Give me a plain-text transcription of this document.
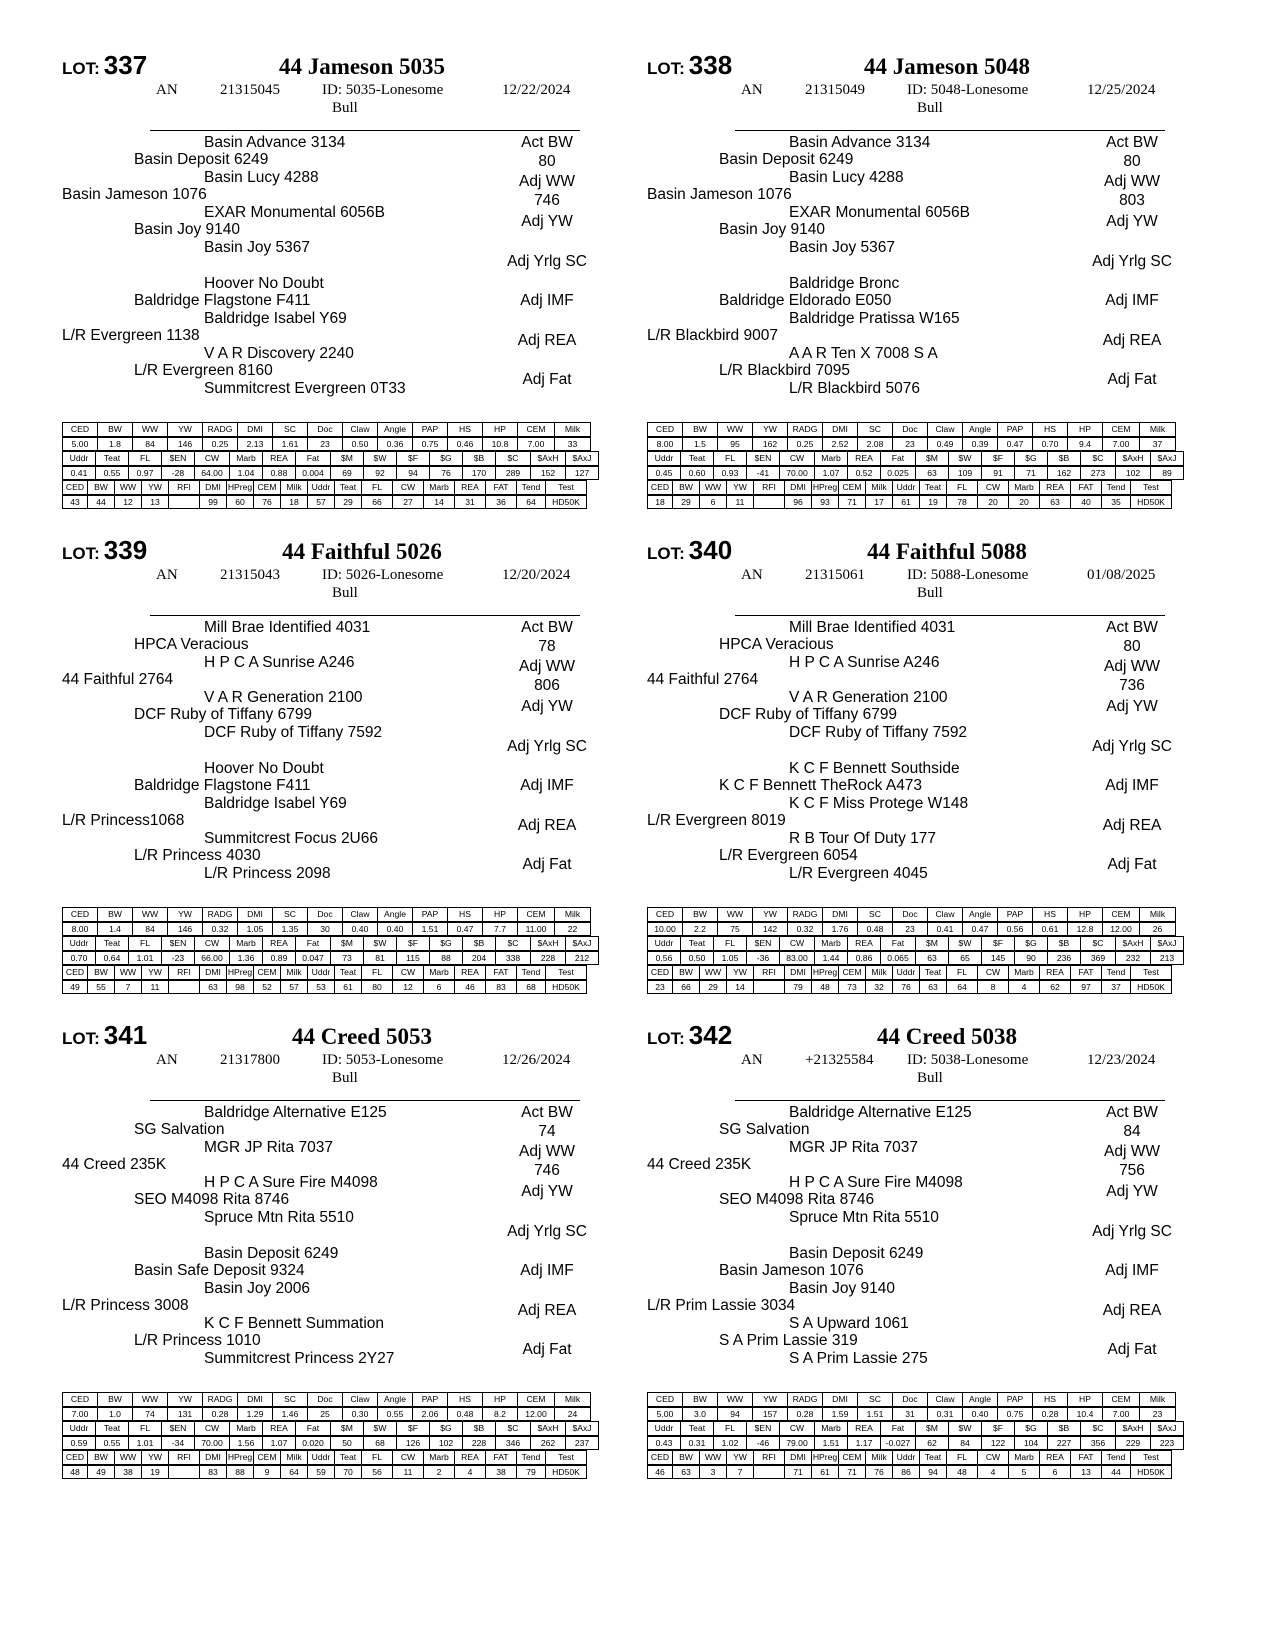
LOT: 337	44 Jameson 5035
AN	21315045	ID: 5035-Lonesome	12/22/2024
Bull
Basin Advance 3134
Basin Deposit 6249
Basin Lucy 4288
Basin Jameson 1076
EXAR Monumental 6056B
Basin Joy 9140
Basin Joy 5367
Hoover No Doubt
Baldridge Flagstone F411
Baldridge Isabel Y69
L/R Evergreen 1138
V A R Discovery 2240
L/R Evergreen 8160
Summitcrest Evergreen 0T33
Act BW
80
Adj WW
746
Adj YW
Adj Yrlg SC
Adj IMF
Adj REA
Adj Fat
CED	BW	WW	YW	RADG	DMI	SC	Doc	Claw	Angle	PAP	HS	HP	CEM	Milk

5.00	1.8	84	146	0.25	2.13	1.61	23	0.50	0.36	0.75	0.46	10.8	7.00	33

Uddr	Teat	FL	$EN	CW	Marb	REA	Fat	$M	$W	$F	$G	$B	$C	$AxH	$AxJ

0.41	0.55	0.97	-28	64.00	1.04	0.88	0.004	69	92	94	76	170	289	152	127

CED	BW	WW	YW	RFI	DMI	HPreg	CEM	Milk	Uddr	Teat	FL	CW	Marb	REA	FAT	Tend	Test

43	44	12	13		99	60	76	18	57	29	66	27	14	31	36	64	HD50K
LOT: 338	44 Jameson 5048
AN	21315049	ID: 5048-Lonesome	12/25/2024
Bull
Basin Advance 3134
Basin Deposit 6249
Basin Lucy 4288
Basin Jameson 1076
EXAR Monumental 6056B
Basin Joy 9140
Basin Joy 5367
Baldridge Bronc
Baldridge Eldorado E050
Baldridge Pratissa W165
L/R Blackbird 9007
A A R Ten X 7008 S A
L/R Blackbird 7095
L/R Blackbird 5076
Act BW
80
Adj WW
803
Adj YW
Adj Yrlg SC
Adj IMF
Adj REA
Adj Fat
CED	BW	WW	YW	RADG	DMI	SC	Doc	Claw	Angle	PAP	HS	HP	CEM	Milk

8.00	1.5	95	162	0.25	2.52	2.08	23	0.49	0.39	0.47	0.70	9.4	7.00	37

Uddr	Teat	FL	$EN	CW	Marb	REA	Fat	$M	$W	$F	$G	$B	$C	$AxH	$AxJ

0.45	0.60	0.93	-41	70.00	1.07	0.52	0.025	63	109	91	71	162	273	102	89

CED	BW	WW	YW	RFI	DMI	HPreg	CEM	Milk	Uddr	Teat	FL	CW	Marb	REA	FAT	Tend	Test

18	29	6	11		96	93	71	17	61	19	78	20	20	63	40	35	HD50K
LOT: 339	44 Faithful 5026
AN	21315043	ID: 5026-Lonesome	12/20/2024
Bull
Mill Brae Identified 4031
HPCA Veracious
H P C A Sunrise A246
44 Faithful 2764
V A R Generation 2100
DCF Ruby of Tiffany 6799
DCF Ruby of Tiffany 7592
Hoover No Doubt
Baldridge Flagstone F411
Baldridge Isabel Y69
L/R Princess1068
Summitcrest Focus 2U66
L/R Princess 4030
L/R Princess 2098
Act BW
78
Adj WW
806
Adj YW
Adj Yrlg SC
Adj IMF
Adj REA
Adj Fat
CED	BW	WW	YW	RADG	DMI	SC	Doc	Claw	Angle	PAP	HS	HP	CEM	Milk

8.00	1.4	84	146	0.32	1.05	1.35	30	0.40	0.40	1.51	0.47	7.7	11.00	22

Uddr	Teat	FL	$EN	CW	Marb	REA	Fat	$M	$W	$F	$G	$B	$C	$AxH	$AxJ

0.70	0.64	1.01	-23	66.00	1.36	0.89	0.047	73	81	115	88	204	338	228	212

CED	BW	WW	YW	RFI	DMI	HPreg	CEM	Milk	Uddr	Teat	FL	CW	Marb	REA	FAT	Tend	Test

49	55	7	11		63	98	52	57	53	61	80	12	6	46	83	68	HD50K
LOT: 340	44 Faithful 5088
AN	21315061	ID: 5088-Lonesome	01/08/2025
Bull
Mill Brae Identified 4031
HPCA Veracious
H P C A Sunrise A246
44 Faithful 2764
V A R Generation 2100
DCF Ruby of Tiffany 6799
DCF Ruby of Tiffany 7592
K C F Bennett Southside
K C F Bennett TheRock A473
K C F Miss Protege W148
L/R Evergreen 8019
R B Tour Of Duty 177
L/R Evergreen 6054
L/R Evergreen 4045
Act BW
80
Adj WW
736
Adj YW
Adj Yrlg SC
Adj IMF
Adj REA
Adj Fat
CED	BW	WW	YW	RADG	DMI	SC	Doc	Claw	Angle	PAP	HS	HP	CEM	Milk

10.00	2.2	75	142	0.32	1.76	0.48	23	0.41	0.47	0.56	0.61	12.8	12.00	26

Uddr	Teat	FL	$EN	CW	Marb	REA	Fat	$M	$W	$F	$G	$B	$C	$AxH	$AxJ

0.56	0.50	1.05	-36	83.00	1.44	0.86	0.065	63	65	145	90	236	369	232	213

CED	BW	WW	YW	RFI	DMI	HPreg	CEM	Milk	Uddr	Teat	FL	CW	Marb	REA	FAT	Tend	Test

23	66	29	14		79	48	73	32	76	63	64	8	4	62	97	37	HD50K
LOT: 341	44 Creed 5053
AN	21317800	ID: 5053-Lonesome	12/26/2024
Bull
Baldridge Alternative E125
SG Salvation
MGR JP Rita 7037
44 Creed 235K
H P C A Sure Fire M4098
SEO M4098 Rita 8746
Spruce Mtn Rita 5510
Basin Deposit 6249
Basin Safe Deposit 9324
Basin Joy 2006
L/R Princess 3008
K C F Bennett Summation
L/R Princess 1010
Summitcrest Princess 2Y27
Act BW
74
Adj WW
746
Adj YW
Adj Yrlg SC
Adj IMF
Adj REA
Adj Fat
CED	BW	WW	YW	RADG	DMI	SC	Doc	Claw	Angle	PAP	HS	HP	CEM	Milk

7.00	1.0	74	131	0.28	1.29	1.46	25	0.30	0.55	2.06	0.48	8.2	12.00	24

Uddr	Teat	FL	$EN	CW	Marb	REA	Fat	$M	$W	$F	$G	$B	$C	$AxH	$AxJ

0.59	0.55	1.01	-34	70.00	1.56	1.07	0.020	50	68	126	102	228	346	262	237

CED	BW	WW	YW	RFI	DMI	HPreg	CEM	Milk	Uddr	Teat	FL	CW	Marb	REA	FAT	Tend	Test

48	49	38	19		83	88	9	64	59	70	56	11	2	4	38	79	HD50K
LOT: 342	44 Creed 5038
AN	+21325584 ID: 5038-Lonesome	12/23/2024
Bull
Baldridge Alternative E125
SG Salvation
MGR JP Rita 7037
44 Creed 235K
H P C A Sure Fire M4098
SEO M4098 Rita 8746
Spruce Mtn Rita 5510
Basin Deposit 6249
Basin Jameson 1076
Basin Joy 9140
L/R Prim Lassie 3034
S A Upward 1061
S A Prim Lassie 319
S A Prim Lassie 275
Act BW
84
Adj WW
756
Adj YW
Adj Yrlg SC
Adj IMF
Adj REA
Adj Fat
CED	BW	WW	YW	RADG	DMI	SC	Doc	Claw	Angle	PAP	HS	HP	CEM	Milk

5.00	3.0	94	157	0.28	1.59	1.51	31	0.31	0.40	0.75	0.28	10.4	7.00	23

Uddr	Teat	FL	$EN	CW	Marb	REA	Fat	$M	$W	$F	$G	$B	$C	$AxH	$AxJ

0.43	0.31	1.02	-46	79.00	1.51	1.17	-0.027	62	84	122	104	227	356	229	223

CED	BW	WW	YW	RFI	DMI	HPreg	CEM	Milk	Uddr	Teat	FL	CW	Marb	REA	FAT	Tend	Test

46	63	3	7		71	61	71	76	86	94	48	4	5	6	13	44	HD50K
